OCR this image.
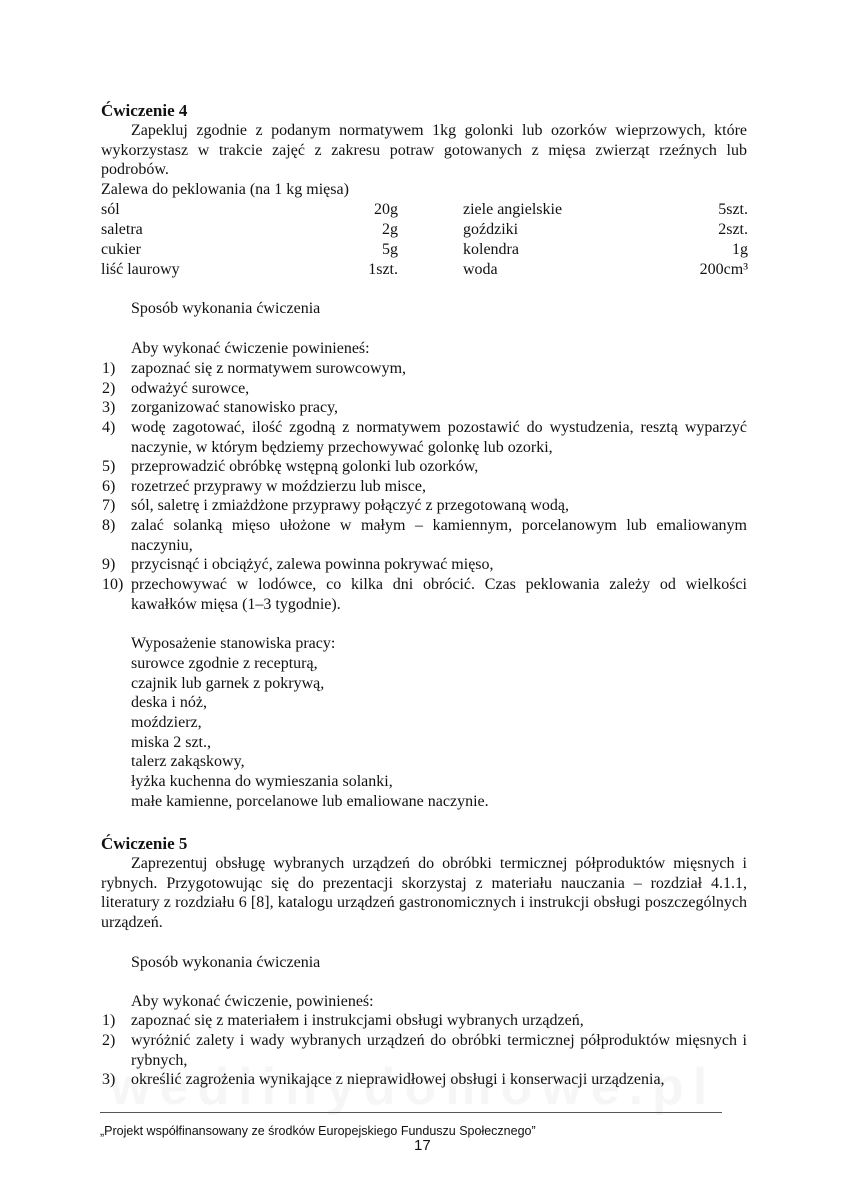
Ćwiczenie 4
Zapekluj zgodnie z podanym normatywem 1kg golonki lub ozorków wieprzowych, które wykorzystasz w trakcie zajęć z zakresu potraw gotowanych z mięsa zwierząt rzeźnych lub podrobów.
Zalewa do peklowania (na 1 kg mięsa)
sól	20g	ziele angielskie	5szt.
saletra	2g	goździki	2szt.
cukier	5g	kolendra	1g
liść laurowy	1szt.	woda	200cm³
Sposób wykonania ćwiczenia
Aby wykonać ćwiczenie powinieneś:
1) zapoznać się z normatywem surowcowym,
2) odważyć surowce,
3) zorganizować stanowisko pracy,
4) wodę zagotować, ilość zgodną z normatywem pozostawić do wystudzenia, resztą wyparzyć naczynie, w którym będziemy przechowywać golonkę lub ozorki,
5) przeprowadzić obróbkę wstępną golonki lub ozorków,
6) rozetrzeć przyprawy w moździerzu lub misce,
7) sól, saletrę i zmiażdżone przyprawy połączyć z przegotowaną wodą,
8) zalać solanką mięso ułożone w małym – kamiennym, porcelanowym lub emaliowanym naczyniu,
9) przycisnąć i obciążyć, zalewa powinna pokrywać mięso,
10) przechowywać w lodówce, co kilka dni obrócić. Czas peklowania zależy od wielkości kawałków mięsa (1–3 tygodnie).
Wyposażenie stanowiska pracy:
surowce zgodnie z recepturą,
czajnik lub garnek z pokrywą,
deska i nóż,
moździerz,
miska 2 szt.,
talerz zakąskowy,
łyżka kuchenna do wymieszania solanki,
małe kamienne, porcelanowe lub emaliowane naczynie.
Ćwiczenie 5
Zaprezentuj obsługę wybranych urządzeń do obróbki termicznej półproduktów mięsnych i rybnych. Przygotowując się do prezentacji skorzystaj z materiału nauczania – rozdział 4.1.1, literatury z rozdziału 6 [8], katalogu urządzeń gastronomicznych i instrukcji obsługi poszczególnych urządzeń.
Sposób wykonania ćwiczenia
Aby wykonać ćwiczenie, powinieneś:
1) zapoznać się z materiałem i instrukcjami obsługi wybranych urządzeń,
2) wyróżnić zalety i wady wybranych urządzeń do obróbki termicznej półproduktów mięsnych i rybnych,
3) określić zagrożenia wynikające z nieprawidłowej obsługi i konserwacji urządzenia,
„Projekt współfinansowany ze środków Europejskiego Funduszu Społecznego”
17
